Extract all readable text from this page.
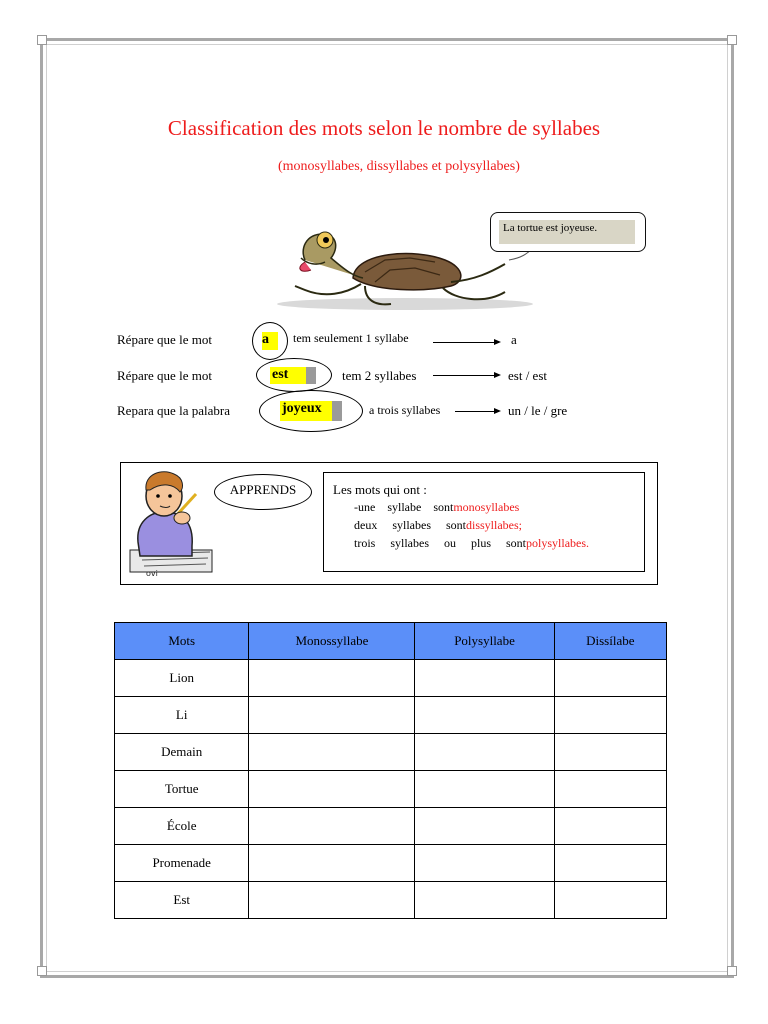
Classification des mots selon le nombre de syllabes
(monosyllabes, dissyllabes et polysyllabes)
La tortue est joyeuse.
Répare que le mot	a	tem seulement 1 syllabe	a
Répare que le mot	est	tem 2 syllabes	est / est
Repara que la palabra	joyeux	a trois syllabes	un / le / gre
ovi
APPRENDS	Les mots qui ont :
-une    syllabe    sontmonosyllabes
deux     syllabes     sontdissyllabes;
trois     syllabes     ou     plus     sontpolysyllabes.
Mots	Monossyllabe	Polysyllabe	Dissílabe
Lion			
Li			
Demain			
Tortue			
École			
Promenade			
Est			
